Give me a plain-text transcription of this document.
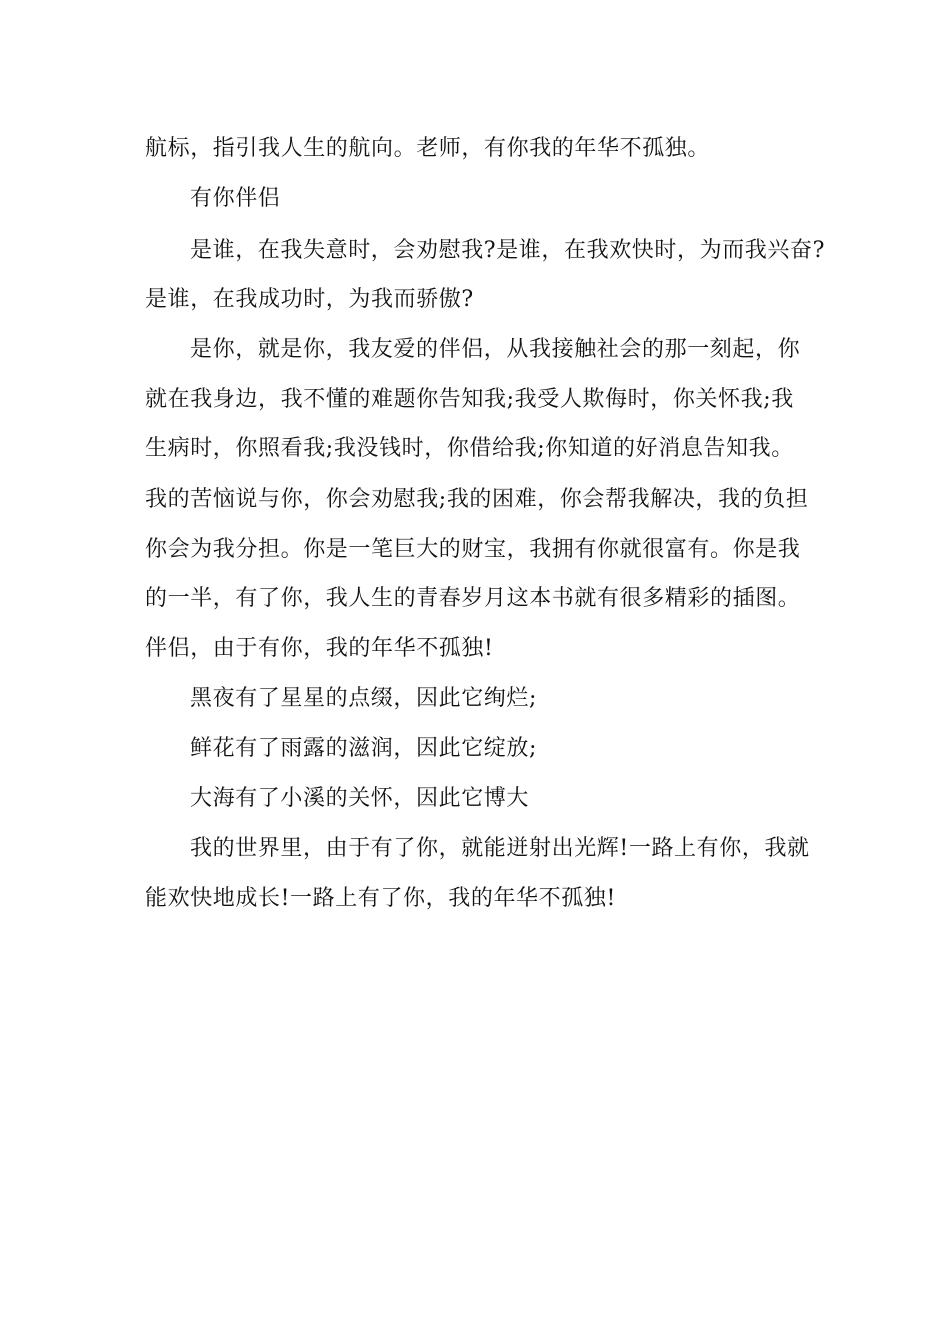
航标，指引我人生的航向。老师，有你我的年华不孤独。
有你伴侣
是谁，在我失意时，会劝慰我?是谁，在我欢快时，为而我兴奋?
是谁，在我成功时，为我而骄傲?
是你，就是你，我友爱的伴侣，从我接触社会的那一刻起，你
就在我身边，我不懂的难题你告知我;我受人欺侮时，你关怀我;我
生病时，你照看我;我没钱时，你借给我;你知道的好消息告知我。
我的苦恼说与你，你会劝慰我;我的困难，你会帮我解决，我的负担
你会为我分担。你是一笔巨大的财宝，我拥有你就很富有。你是我
的一半，有了你，我人生的青春岁月这本书就有很多精彩的插图。
伴侣，由于有你，我的年华不孤独!
黑夜有了星星的点缀，因此它绚烂;
鲜花有了雨露的滋润，因此它绽放;
大海有了小溪的关怀，因此它博大
我的世界里，由于有了你，就能迸射出光辉!一路上有你，我就
能欢快地成长!一路上有了你，我的年华不孤独!
